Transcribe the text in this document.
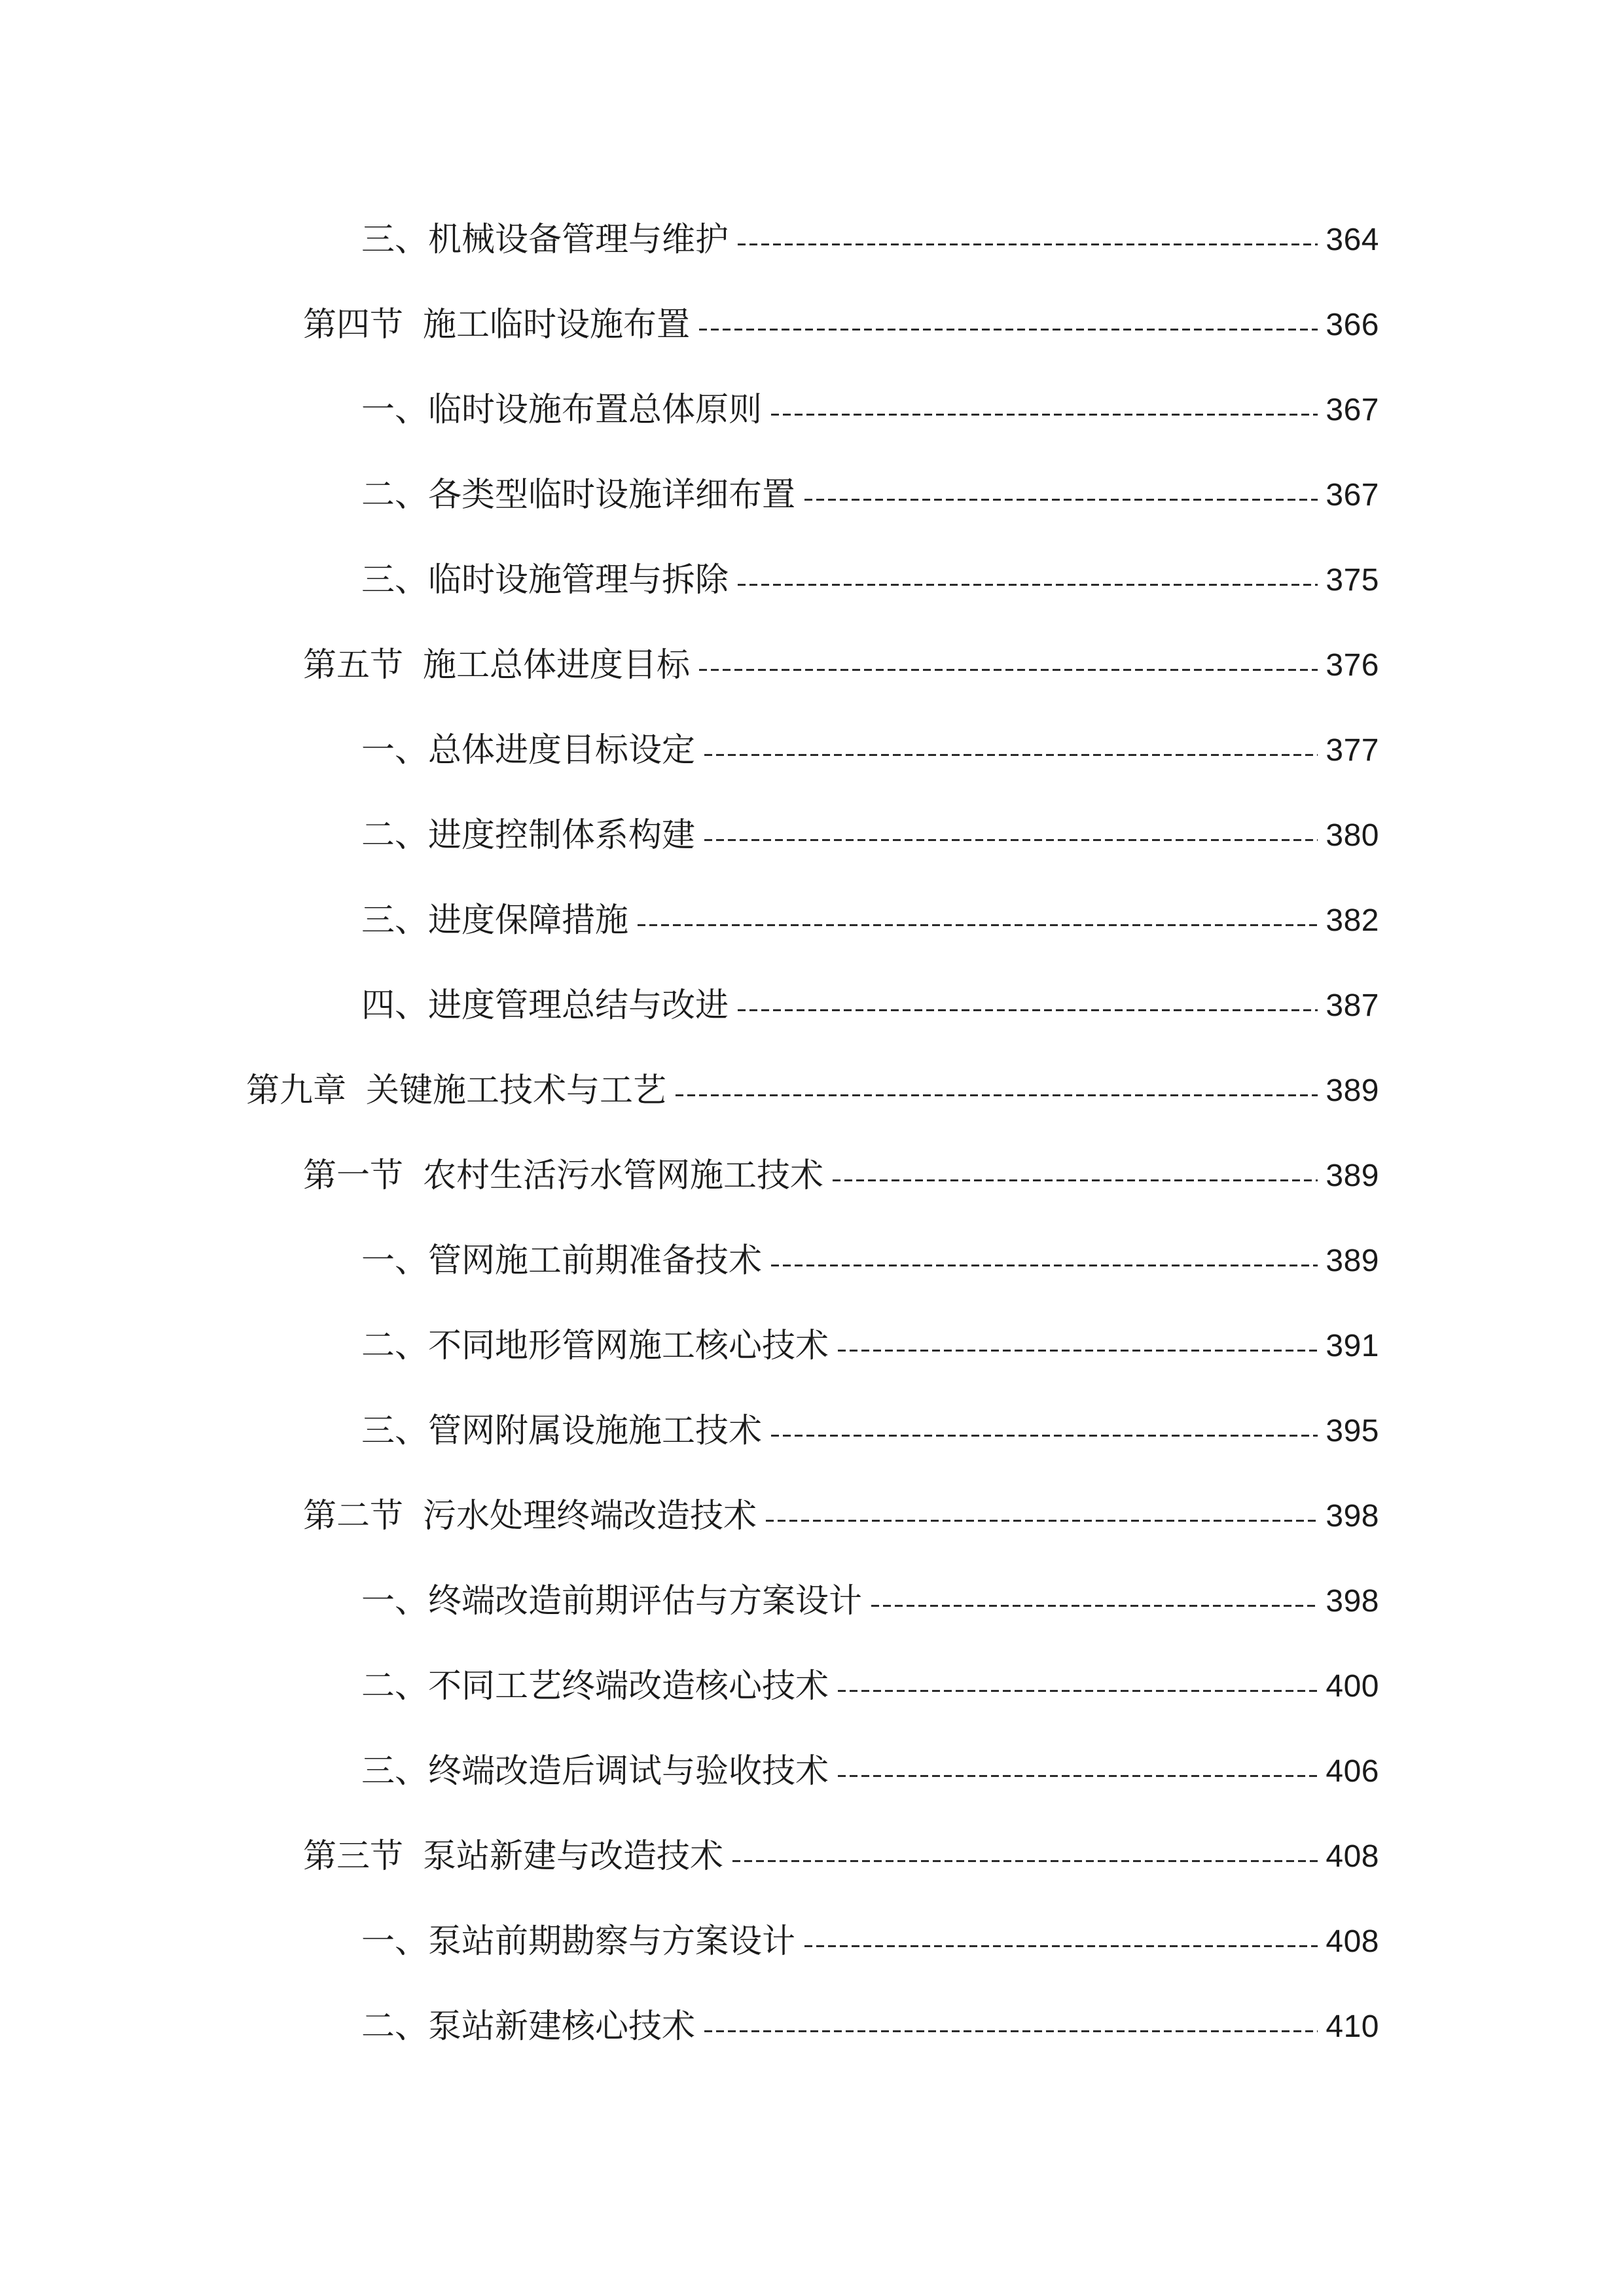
三、 机械设备管理与维护	364
第四节 施工临时设施布置	366
一、 临时设施布置总体原则	367
二、 各类型临时设施详细布置	367
三、 临时设施管理与拆除	375
第五节 施工总体进度目标	376
一、 总体进度目标设定	377
二、 进度控制体系构建	380
三、 进度保障措施	382
四、 进度管理总结与改进	387
第九章 关键施工技术与工艺	389
第一节 农村生活污水管网施工技术	389
一、 管网施工前期准备技术	389
二、 不同地形管网施工核心技术	391
三、 管网附属设施施工技术	395
第二节 污水处理终端改造技术	398
一、 终端改造前期评估与方案设计	398
二、 不同工艺终端改造核心技术	400
三、 终端改造后调试与验收技术	406
第三节 泵站新建与改造技术	408
一、 泵站前期勘察与方案设计	408
二、 泵站新建核心技术	410
